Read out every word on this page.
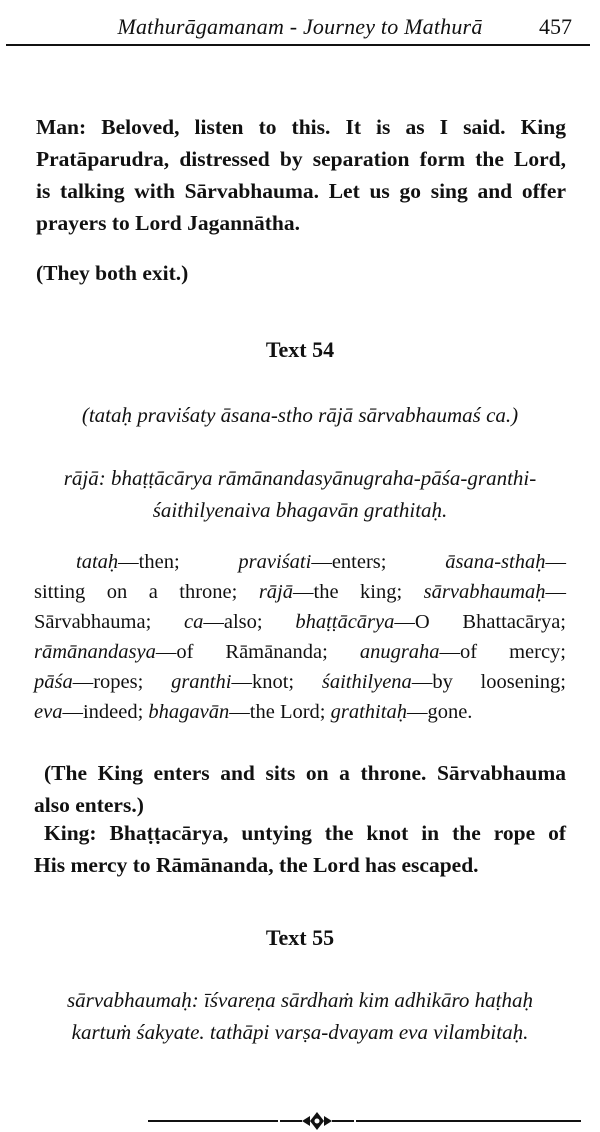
Mathurāgamanam - Journey to Mathurā	457

Man: Beloved, listen to this. It is as I said. King
Pratāparudra, distressed by separation form the Lord,
is talking with Sārvabhauma. Let us go sing and offer
prayers to Lord Jagannātha.

(They both exit.)

Text 54

(tataḥ praviśaty āsana-stho rājā sārvabhaumaś ca.)

rājā: bhaṭṭācārya rāmānandasyānugraha-pāśa-granthi-
śaithilyenaiva bhagavān grathitaḥ.

tataḥ—then; praviśati—enters; āsana-sthaḥ—
sitting on a throne; rājā—the king; sārvabhaumaḥ—
Sārvabhauma; ca—also; bhaṭṭācārya—O Bhattacārya;
rāmānandasya—of Rāmānanda; anugraha—of mercy;
pāśa—ropes; granthi—knot; śaithilyena—by loosening;
eva—indeed; bhagavān—the Lord; grathitaḥ—gone.

(The King enters and sits on a throne. Sārvabhauma

also enters.)

King: Bhaṭṭacārya, untying the knot in the rope of

His mercy to Rāmānanda, the Lord has escaped.

Text 55

sārvabhaumaḥ: īśvareṇa sārdhaṁ kim adhikāro haṭhaḥ
kartuṁ śakyate. tathāpi varṣa-dvayam eva vilambitaḥ.
